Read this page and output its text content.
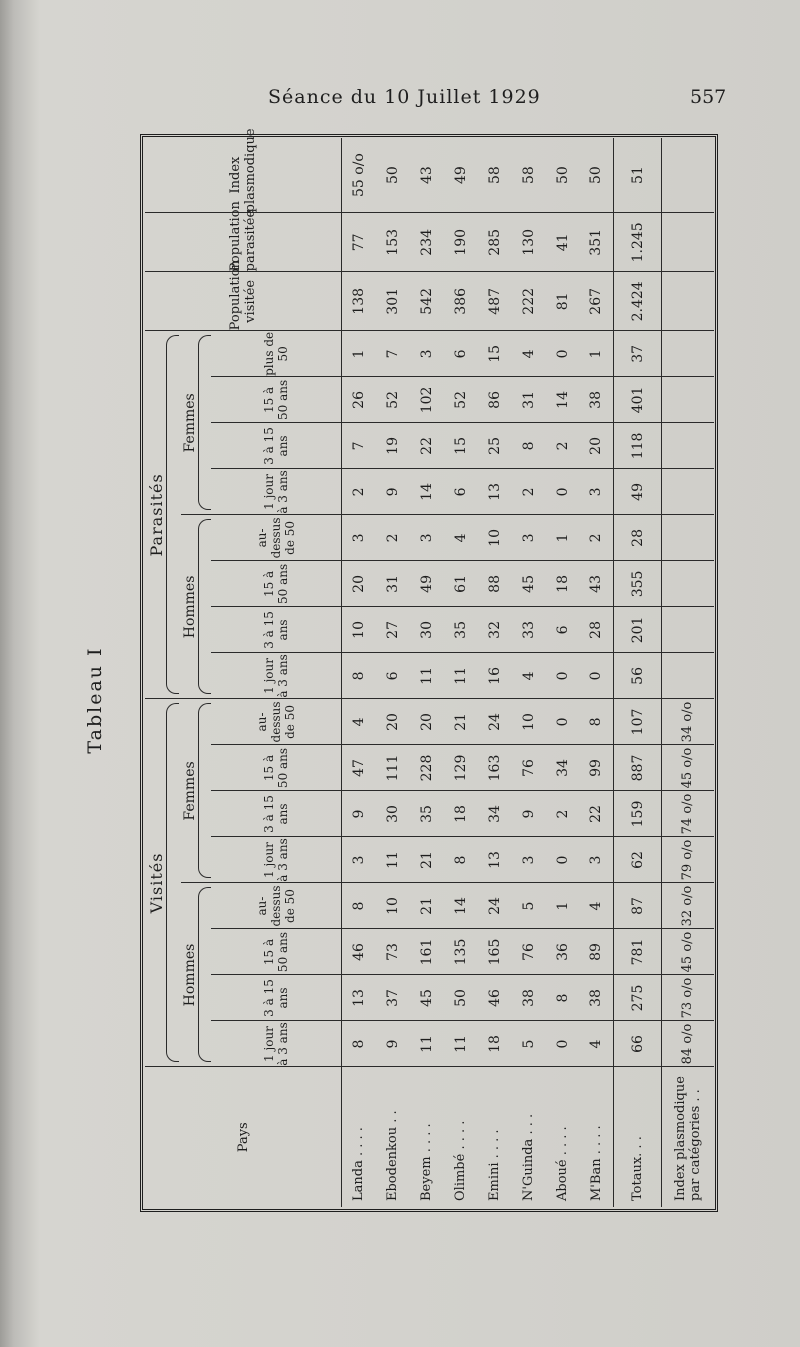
Séance du 10 Juillet 1929	557
Tableau I
Pays	Visités								Parasités								Population visitée	Population parasitée	Index plasmodique
	Hommes				Femmes				Hommes				Femmes						

	1 jour à 3 ans	3 à 15 ans	15 à 50 ans	au-dessus de 50	1 jour à 3 ans	3 à 15 ans	15 à 50 ans	au-dessus de 50	1 jour à 3 ans	3 à 15 ans	15 à 50 ans	au-dessus de 50	1 jour à 3 ans	3 à 15 ans	15 à 50 ans	plus de 50			

Landa . . . .	8	13	46	8	3	9	47	4	8	10	20	3	2	7	26	1	138	77	55 o/o
Ebodenkou . .	9	37	73	10	11	30	111	20	6	27	31	2	9	19	52	7	301	153	50
Beyem . . . .	11	45	161	21	21	35	228	20	11	30	49	3	14	22	102	3	542	234	43
Olimbé . . . .	11	50	135	14	8	18	129	21	11	35	61	4	6	15	52	6	386	190	49
Emini . . . .	18	46	165	24	13	34	163	24	16	32	88	10	13	25	86	15	487	285	58
N'Guinda . . .	5	38	76	5	3	9	76	10	4	33	45	3	2	8	31	4	222	130	58
Aboué . . . .	0	8	36	1	0	2	34	0	0	6	18	1	0	2	14	0	81	41	50
M'Ban . . . .	4	38	89	4	3	22	99	8	0	28	43	2	3	20	38	1	267	351	50
Totaux. . .	66	275	781	87	62	159	887	107	56	201	355	28	49	118	401	37	2.424	1.245	51
Index plasmodique par catégories . .	84 o/o	73 o/o	45 o/o	32 o/o	79 o/o	74 o/o	45 o/o	34 o/o											
